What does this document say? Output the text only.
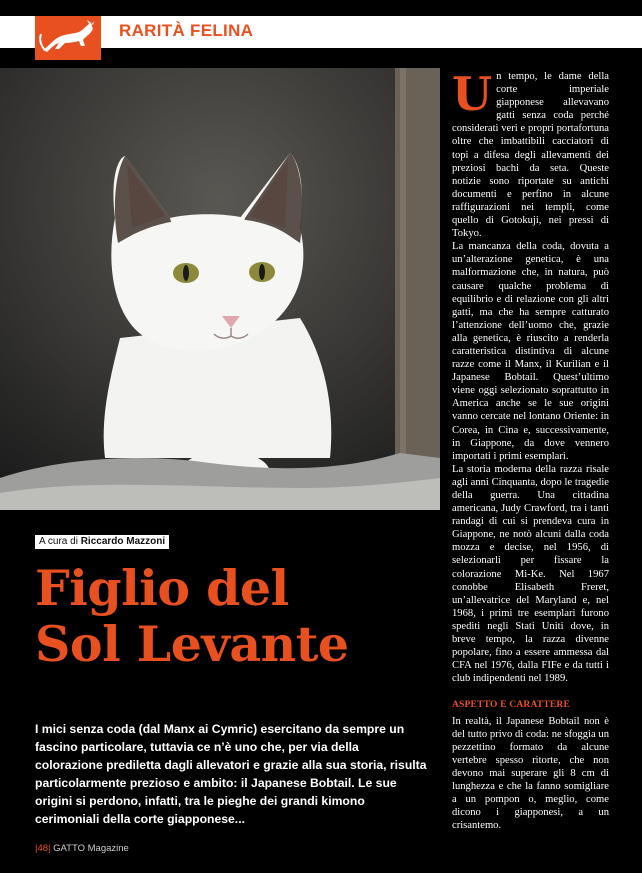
RARITÀ FELINA
A cura di Riccardo Mazzoni
Figlio del
Sol Levante

I mici senza coda (dal Manx ai Cymric) esercitano da sempre un fascino particolare, tuttavia ce n’è uno che, per via della colorazione prediletta dagli allevatori e grazie alla sua storia, risulta particolarmente prezioso e ambito: il Japanese Bobtail. Le sue origini si perdono, infatti, tra le pieghe dei grandi kimono cerimoniali della corte giapponese...

|48| GATTO Magazine
U n tempo, le dame della corte imperiale giapponese allevavano gatti senza coda perché considerati veri e propri portafortuna oltre che imbattibili cacciatori di topi a difesa degli allevamenti dei preziosi bachi da seta. Queste notizie sono riportate su antichi documenti e perfino in alcune raffigurazioni nei templi, come quello di Gotokuji, nei pressi di Tokyo.

La mancanza della coda, dovuta a un’alterazione genetica, è una malformazione che, in natura, può causare qualche problema di equilibrio e di relazione con gli altri gatti, ma che ha sempre catturato l’attenzione dell’uomo che, grazie alla genetica, è riuscito a renderla caratteristica distintiva di alcune razze come il Manx, il Kurilian e il Japanese Bobtail. Quest’ultimo viene oggi selezionato soprattutto in America anche se le sue origini vanno cercate nel lontano Oriente: in Corea, in Cina e, successivamente, in Giappone, da dove vennero importati i primi esemplari.

La storia moderna della razza risale agli anni Cinquanta, dopo le tragedie della guerra. Una cittadina americana, Judy Crawford, tra i tanti randagi di cui si prendeva cura in Giappone, ne notò alcuni dalla coda mozza e decise, nel 1956, di selezionarli per fissare la colorazione Mi-Ke. Nel 1967 conobbe Elisabeth Freret, un’allevatrice del Maryland e, nel 1968, i primi tre esemplari furono spediti negli Stati Uniti dove, in breve tempo, la razza divenne popolare, fino a essere ammessa dal CFA nel 1976, dalla FIFe e da tutti i club indipendenti nel 1989.

ASPETTO E CARATTERE

In realtà, il Japanese Bobtail non è del tutto privo di coda: ne sfoggia un pezzettino formato da alcune vertebre spesso ritorte, che non devono mai superare gli 8 cm di lunghezza e che la fanno somigliare a un pompon o, meglio, come dicono i giapponesi, a un crisantemo.
